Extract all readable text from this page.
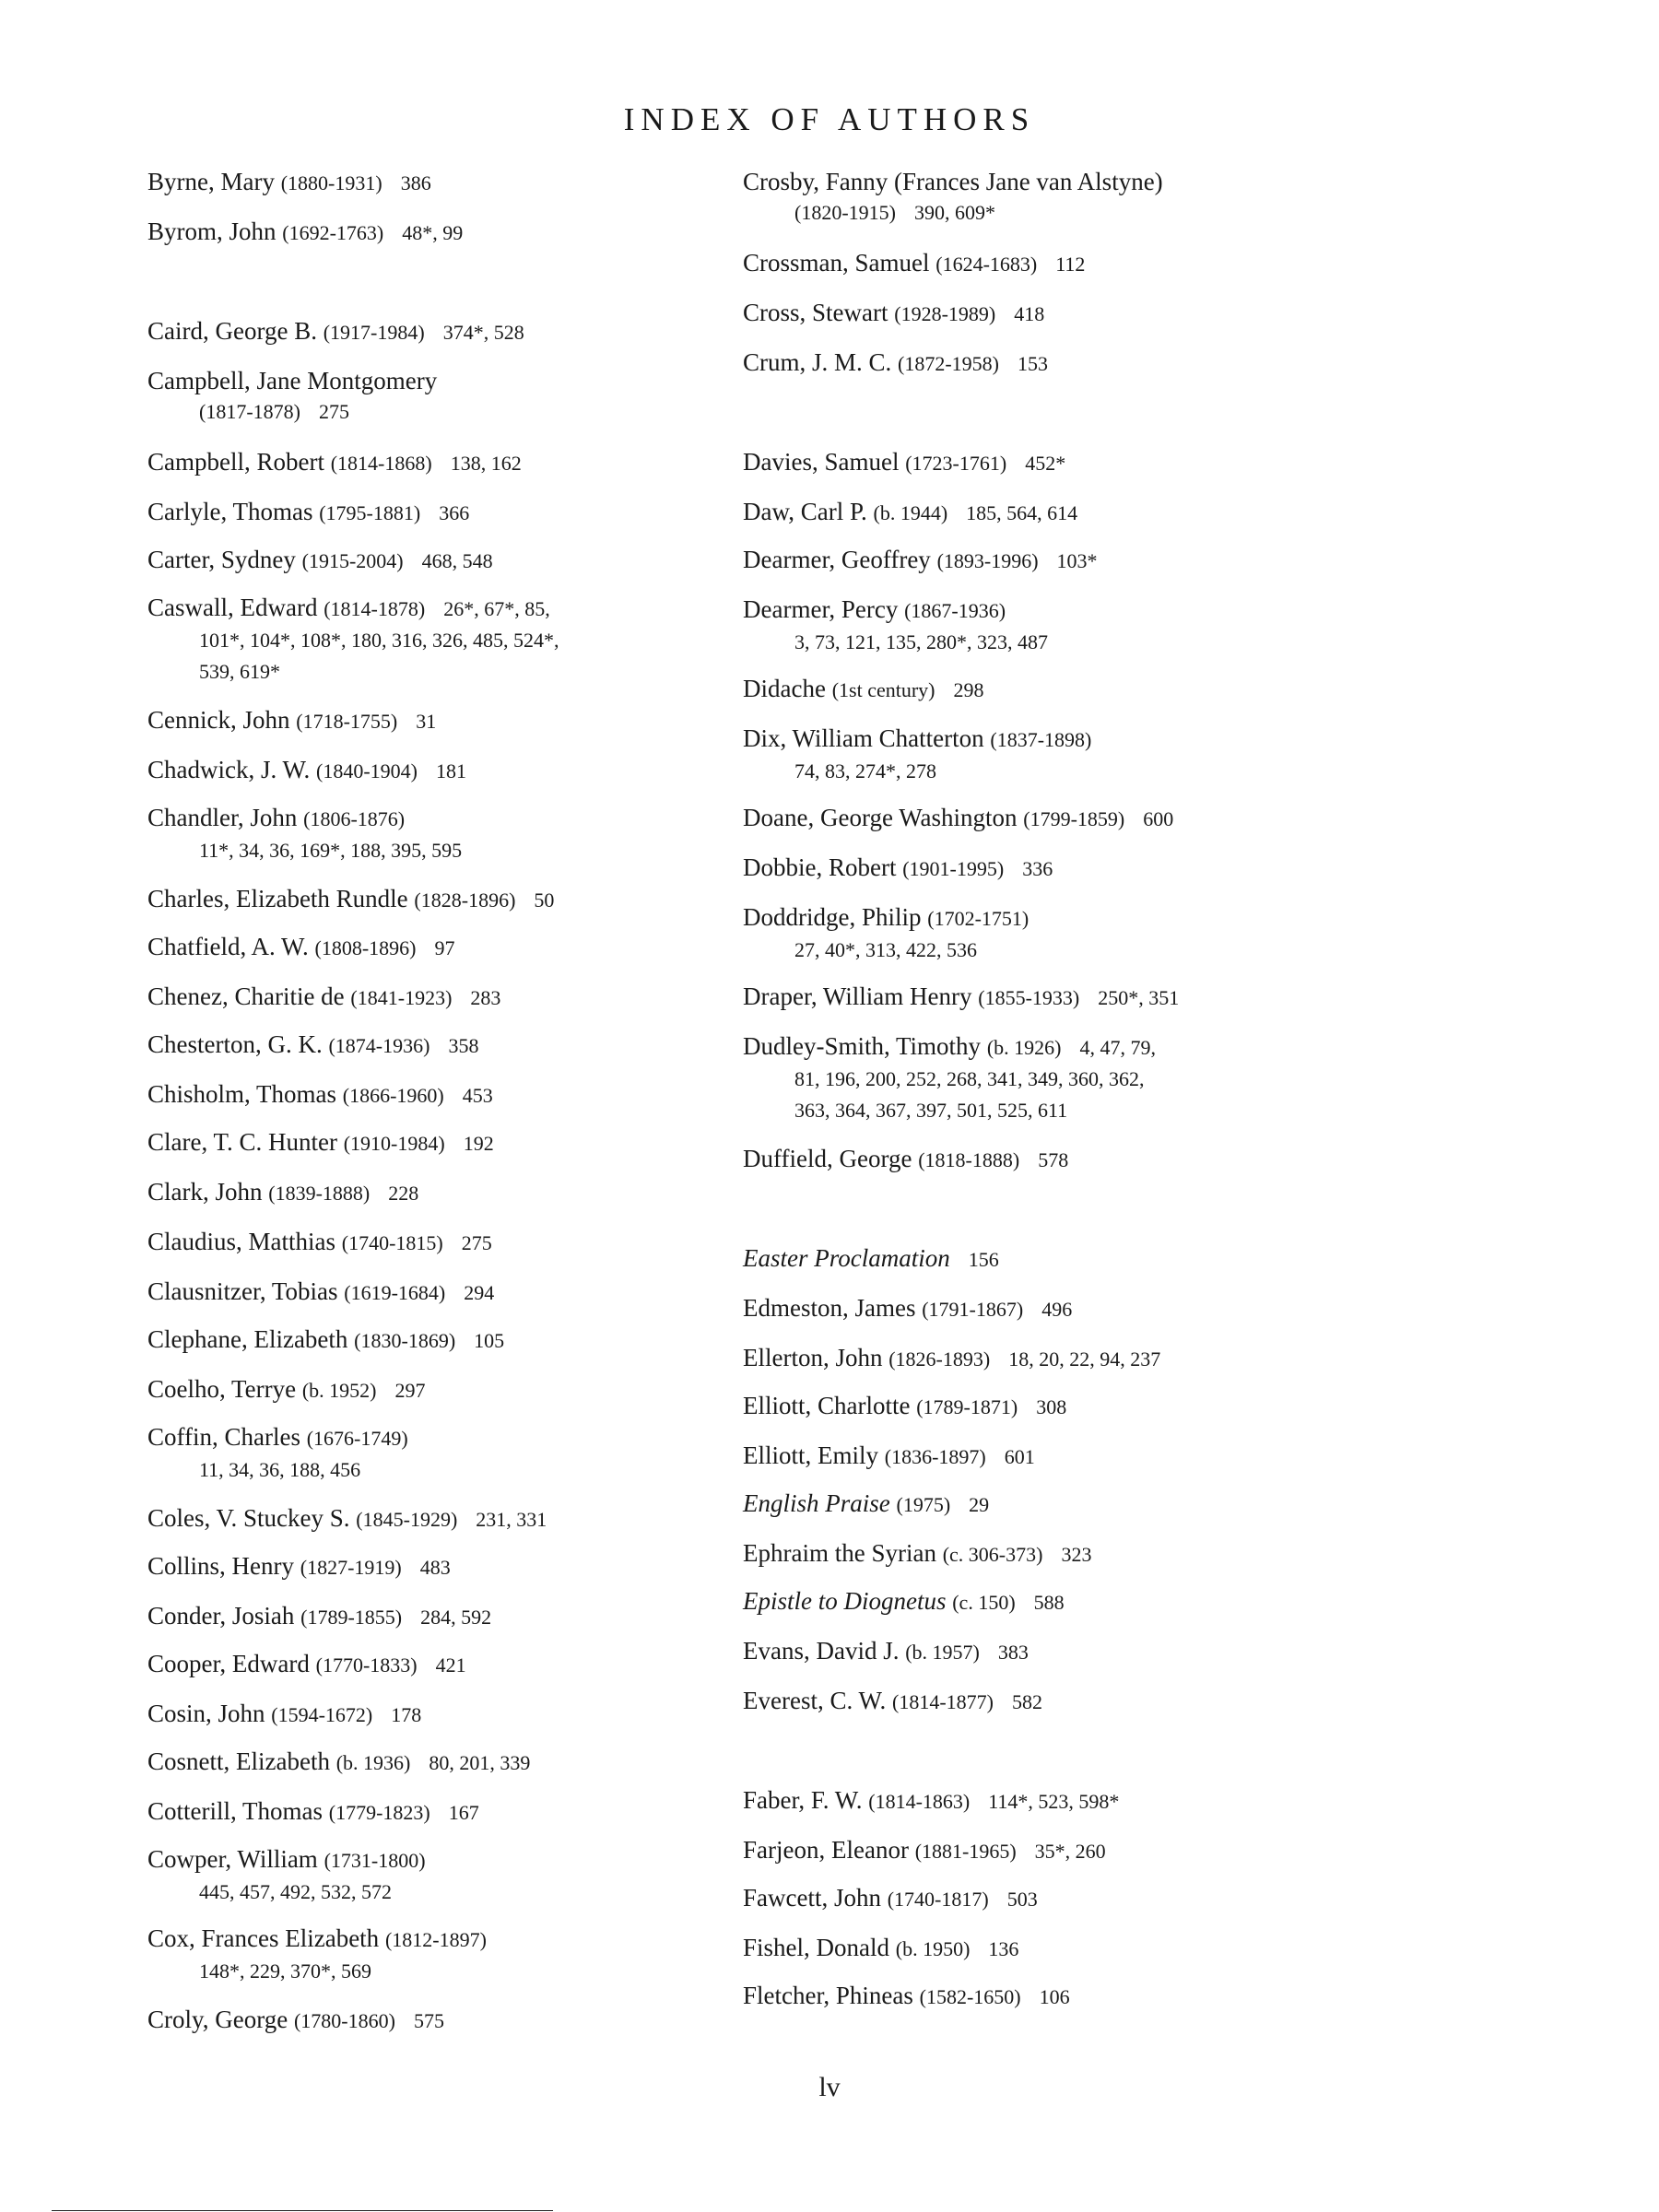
INDEX OF AUTHORS
Byrne, Mary (1880-1931) 386
Byrom, John (1692-1763) 48*, 99
Caird, George B. (1917-1984) 374*, 528
Campbell, Jane Montgomery
(1817-1878) 275
Campbell, Robert (1814-1868) 138, 162
Carlyle, Thomas (1795-1881) 366
Carter, Sydney (1915-2004) 468, 548
Caswall, Edward (1814-1878) 26*, 67*, 85,
101*, 104*, 108*, 180, 316, 326, 485, 524*,
539, 619*
Cennick, John (1718-1755) 31
Chadwick, J. W. (1840-1904) 181
Chandler, John (1806-1876)
11*, 34, 36, 169*, 188, 395, 595
Charles, Elizabeth Rundle (1828-1896) 50
Chatfield, A. W. (1808-1896) 97
Chenez, Charitie de (1841-1923) 283
Chesterton, G. K. (1874-1936) 358
Chisholm, Thomas (1866-1960) 453
Clare, T. C. Hunter (1910-1984) 192
Clark, John (1839-1888) 228
Claudius, Matthias (1740-1815) 275
Clausnitzer, Tobias (1619-1684) 294
Clephane, Elizabeth (1830-1869) 105
Coelho, Terrye (b. 1952) 297
Coffin, Charles (1676-1749)
11, 34, 36, 188, 456
Coles, V. Stuckey S. (1845-1929) 231, 331
Collins, Henry (1827-1919) 483
Conder, Josiah (1789-1855) 284, 592
Cooper, Edward (1770-1833) 421
Cosin, John (1594-1672) 178
Cosnett, Elizabeth (b. 1936) 80, 201, 339
Cotterill, Thomas (1779-1823) 167
Cowper, William (1731-1800)
445, 457, 492, 532, 572
Cox, Frances Elizabeth (1812-1897)
148*, 229, 370*, 569
Croly, George (1780-1860) 575
Crosby, Fanny (Frances Jane van Alstyne)
(1820-1915) 390, 609*
Crossman, Samuel (1624-1683) 112
Cross, Stewart (1928-1989) 418
Crum, J. M. C. (1872-1958) 153
Davies, Samuel (1723-1761) 452*
Daw, Carl P. (b. 1944) 185, 564, 614
Dearmer, Geoffrey (1893-1996) 103*
Dearmer, Percy (1867-1936)
3, 73, 121, 135, 280*, 323, 487
Didache (1st century) 298
Dix, William Chatterton (1837-1898)
74, 83, 274*, 278
Doane, George Washington (1799-1859) 600
Dobbie, Robert (1901-1995) 336
Doddridge, Philip (1702-1751)
27, 40*, 313, 422, 536
Draper, William Henry (1855-1933) 250*, 351
Dudley-Smith, Timothy (b. 1926) 4, 47, 79,
81, 196, 200, 252, 268, 341, 349, 360, 362,
363, 364, 367, 397, 501, 525, 611
Duffield, George (1818-1888) 578
Easter Proclamation 156
Edmeston, James (1791-1867) 496
Ellerton, John (1826-1893) 18, 20, 22, 94, 237
Elliott, Charlotte (1789-1871) 308
Elliott, Emily (1836-1897) 601
English Praise (1975) 29
Ephraim the Syrian (c. 306-373) 323
Epistle to Diognetus (c. 150) 588
Evans, David J. (b. 1957) 383
Everest, C. W. (1814-1877) 582
Faber, F. W. (1814-1863) 114*, 523, 598*
Farjeon, Eleanor (1881-1965) 35*, 260
Fawcett, John (1740-1817) 503
Fishel, Donald (b. 1950) 136
Fletcher, Phineas (1582-1650) 106
lv
